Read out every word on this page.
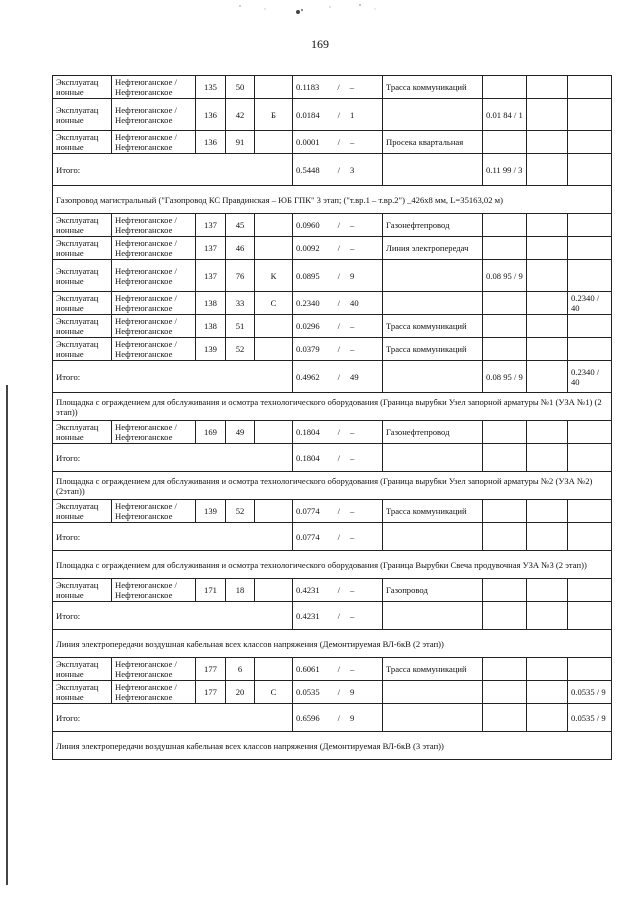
169
Эксплуатац ионные	Нефтеюганское / Нефтеюганское	135	50		0.1183 / –	Трасса коммуникаций			
Эксплуатац ионные	Нефтеюганское / Нефтеюганское	136	42	Б	0.0184 / 1		0.01 84 / 1		
Эксплуатац ионные	Нефтеюганское / Нефтеюганское	136	91		0.0001 / –	Просека квартальная			
Итого:					0.5448 / 3		0.11 99 / 3		
Газопровод магистральный ("Газопровод КС Правдинская – ЮБ ГПК" 3 этап; ("т.вр.1 – т.вр.2") _426х8 мм, L=35163,02 м)									
Эксплуатац ионные	Нефтеюганское / Нефтеюганское	137	45		0.0960 / –	Газонефтепровод			
Эксплуатац ионные	Нефтеюганское / Нефтеюганское	137	46		0.0092 / –	Линия электропередач			
Эксплуатац ионные	Нефтеюганское / Нефтеюганское	137	76	К	0.0895 / 9		0.08 95 / 9		
Эксплуатац ионные	Нефтеюганское / Нефтеюганское	138	33	С	0.2340 / 40				0.2340 / 40
Эксплуатац ионные	Нефтеюганское / Нефтеюганское	138	51		0.0296 / –	Трасса коммуникаций			
Эксплуатац ионные	Нефтеюганское / Нефтеюганское	139	52		0.0379 / –	Трасса коммуникаций			
Итого:					0.4962 / 49		0.08 95 / 9		0.2340 / 40
Площадка с ограждением для обслуживания и осмотра технологического оборудования (Граница вырубки Узел запорной арматуры №1 (УЗА №1) (2 этап))									
Эксплуатац ионные	Нефтеюганское / Нефтеюганское	169	49		0.1804 / –	Газонефтепровод			
Итого:					0.1804 / –				
Площадка с ограждением для обслуживания и осмотра технологического оборудования (Граница вырубки Узел запорной арматуры №2 (УЗА №2) (2этап))									
Эксплуатац ионные	Нефтеюганское / Нефтеюганское	139	52		0.0774 / –	Трасса коммуникаций			
Итого:					0.0774 / –				
Площадка с ограждением для обслуживания и осмотра технологического оборудования (Граница Вырубки Свеча продувочная УЗА №3 (2 этап))									
Эксплуатац ионные	Нефтеюганское / Нефтеюганское	171	18		0.4231 / –	Газопровод			
Итого:					0.4231 / –				
Линия электропередачи воздушная кабельная всех классов напряжения (Демонтируемая ВЛ-6кВ (2 этап))									
Эксплуатац ионные	Нефтеюганское / Нефтеюганское	177	6		0.6061 / –	Трасса коммуникаций			
Эксплуатац ионные	Нефтеюганское / Нефтеюганское	177	20	С	0.0535 / 9				0.0535 / 9
Итого:					0.6596 / 9				0.0535 / 9
Линия электропередачи воздушная кабельная всех классов напряжения (Демонтируемая ВЛ-6кВ (3 этап))									
